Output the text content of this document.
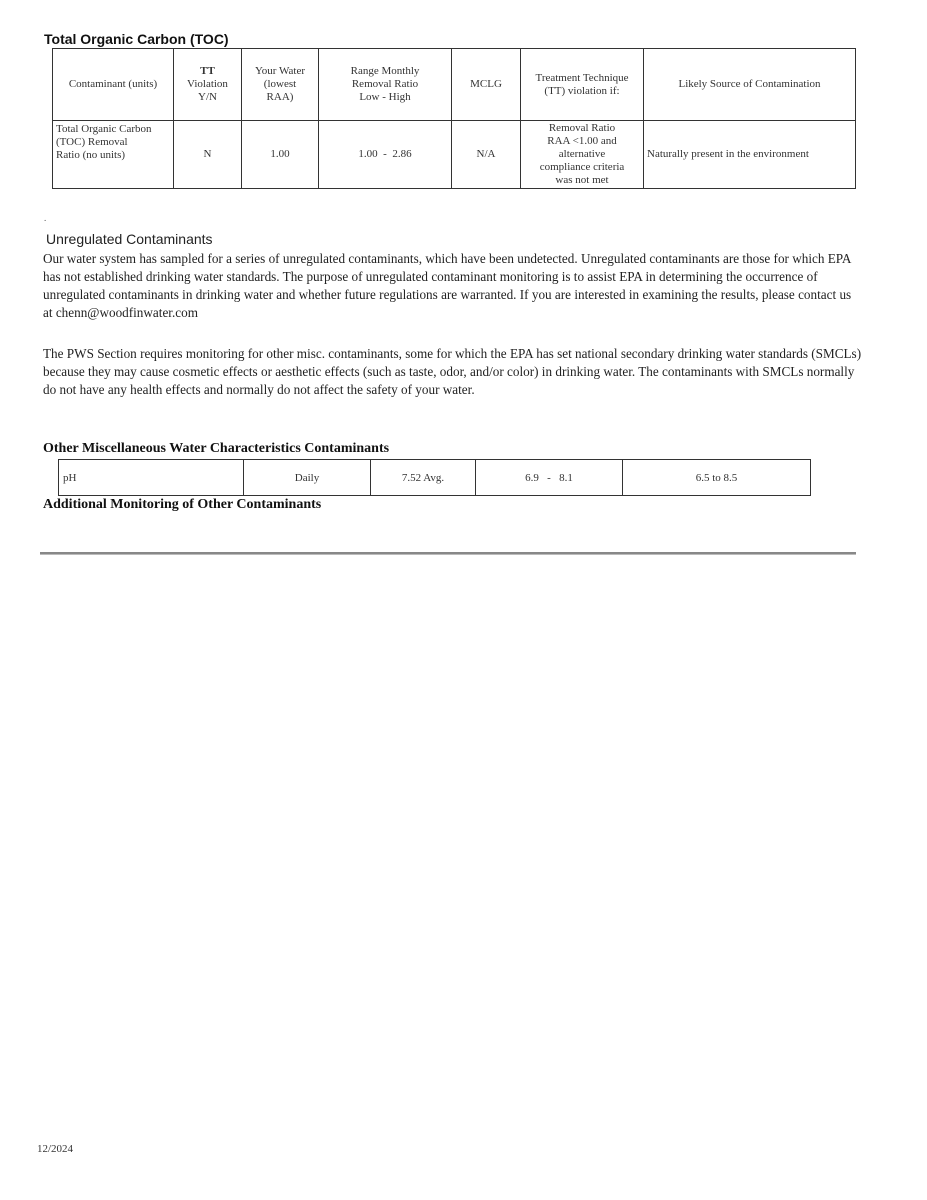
Total Organic Carbon (TOC)
Contaminant (units)	TT
Violation
Y/N	Your Water
(lowest
RAA)	Range Monthly
Removal Ratio
Low - High	MCLG	Treatment Technique
(TT) violation if:	Likely Source of Contamination
Total Organic Carbon
(TOC) Removal
Ratio (no units)	N	1.00	1.00  -  2.86	N/A	Removal Ratio
RAA <1.00 and
alternative
compliance criteria
was not met	Naturally present in the environment
.
Unregulated Contaminants
Our water system has sampled for a series of unregulated contaminants, which have been undetected. Unregulated contaminants are those for which EPA has not established drinking water standards. The purpose of unregulated contaminant monitoring is to assist EPA in determining the occurrence of unregulated contaminants in drinking water and whether future regulations are warranted. If you are interested in examining the results, please contact us at chenn@woodfinwater.com
The PWS Section requires monitoring for other misc. contaminants, some for which the EPA has set national secondary drinking water standards (SMCLs) because they may cause cosmetic effects or aesthetic effects (such as taste, odor, and/or color) in drinking water. The contaminants with SMCLs normally do not have any health effects and normally do not affect the safety of your water.
Other Miscellaneous Water Characteristics Contaminants
pH	Daily	7.52 Avg.	6.9   -   8.1	6.5 to 8.5
Additional Monitoring of Other Contaminants
12/2024
